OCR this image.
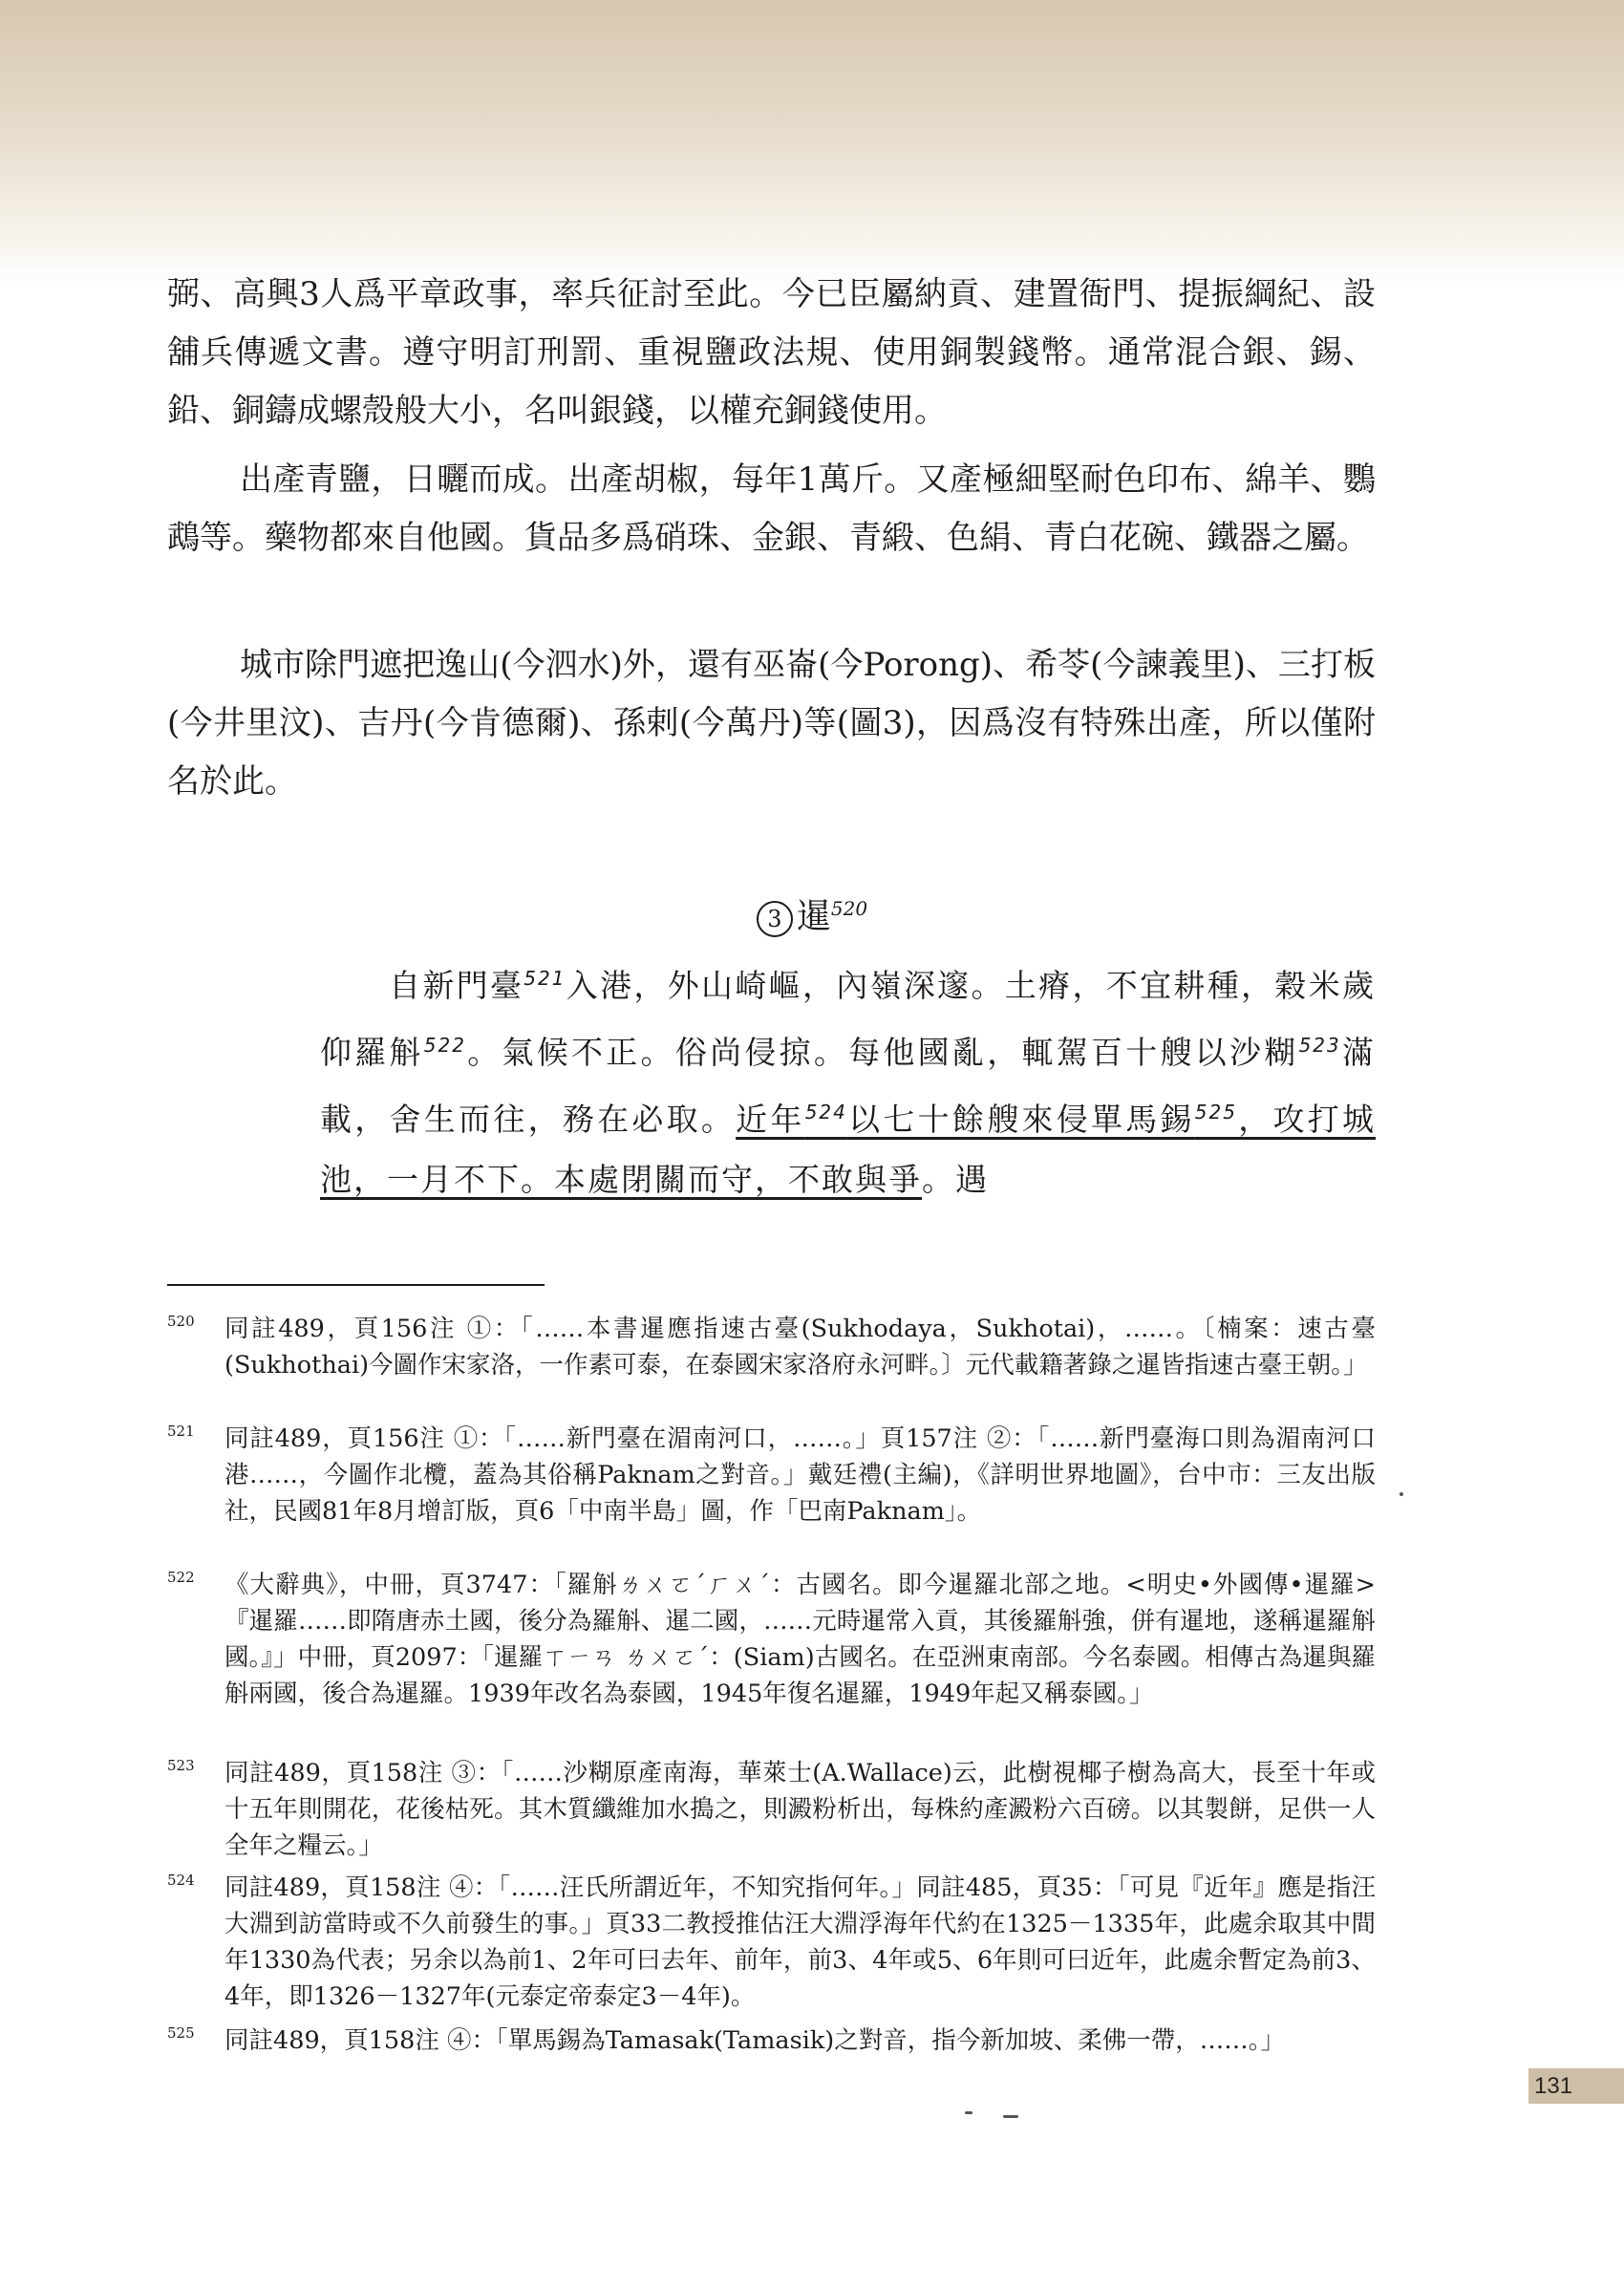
弼、高興3人爲平章政事，率兵征討至此。今已臣屬納貢、建置衙門、提振綱紀、設舖兵傳遞文書。遵守明訂刑罰、重視鹽政法規、使用銅製錢幣。通常混合銀、錫、鉛、銅鑄成螺殼般大小，名叫銀錢，以權充銅錢使用。

出產青鹽，日曬而成。出產胡椒，每年1萬斤。又產極細堅耐色印布、綿羊、鸚鵡等。藥物都來自他國。貨品多爲硝珠、金銀、青緞、色絹、青白花碗、鐵器之屬。

城市除門遮把逸山(今泗水)外，還有巫崙(今Porong)、希苓(今諫義里)、三打板(今井里汶)、吉丹(今肯德爾)、孫剌(今萬丹)等(圖3)，因爲沒有特殊出產，所以僅附名於此。

3 暹$^{520}$

自新門臺$^{521}$入港，外山崎嶇，內嶺深邃。土瘠，不宜耕種，穀米歲仰羅斛$^{522}$。氣候不正。俗尚侵掠。每他國亂，輒駕百十艘以沙糊$^{523}$滿載，舍生而往，務在必取。近年$^{524}$以七十餘艘來侵單馬錫$^{525}$，攻打城池，一月不下。本處閉關而守，不敢與爭。遇

520 同註489，頁156注 ①：「……本書暹應指速古臺(Sukhodaya，Sukhotai)，……。〔楠案：速古臺(Sukhothai)今圖作宋家洛，一作素可泰，在泰國宋家洛府永河畔。〕元代載籍著錄之暹皆指速古臺王朝。」
521 同註489，頁156注 ①：「……新門臺在湄南河口，……。」頁157注 ②：「……新門臺海口則為湄南河口港……，今圖作北欖，蓋為其俗稱Paknam之對音。」戴廷禮(主編)，《詳明世界地圖》，台中市：三友出版社，民國81年8月增訂版，頁6「中南半島」圖，作「巴南Paknam」。
522 《大辭典》，中冊，頁3747：「羅斛ㄌㄨㄛˊㄏㄨˊ：古國名。即今暹羅北部之地。<明史•外國傳•暹羅>『暹羅……即隋唐赤土國，後分為羅斛、暹二國，……元時暹常入貢，其後羅斛強，併有暹地，遂稱暹羅斛國。』」中冊，頁2097：「暹羅ㄒㄧㄢ ㄌㄨㄛˊ：(Siam)古國名。在亞洲東南部。今名泰國。相傳古為暹與羅斛兩國，後合為暹羅。1939年改名為泰國，1945年復名暹羅，1949年起又稱泰國。」
523 同註489，頁158注 ③：「……沙糊原產南海，華萊士(A.Wallace)云，此樹視椰子樹為高大，長至十年或十五年則開花，花後枯死。其木質纖維加水搗之，則澱粉析出，每株約產澱粉六百磅。以其製餅，足供一人全年之糧云。」
524 同註489，頁158注 ④：「……汪氏所謂近年，不知究指何年。」同註485，頁35：「可見『近年』應是指汪大淵到訪當時或不久前發生的事。」頁33二教授推估汪大淵浮海年代約在1325－1335年，此處余取其中間年1330為代表；另余以為前1、2年可曰去年、前年，前3、4年或5、6年則可曰近年，此處余暫定為前3、4年，即1326－1327年(元泰定帝泰定3－4年)。
525 同註489，頁158注 ④：「單馬錫為Tamasak(Tamasik)之對音，指今新加坡、柔佛一帶，……。」
131
